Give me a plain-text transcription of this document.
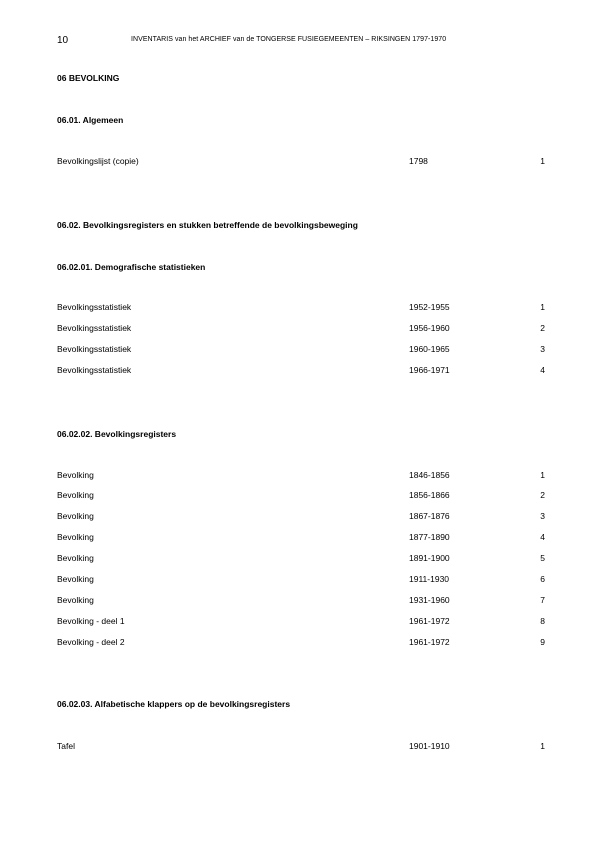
10	INVENTARIS van het ARCHIEF van de TONGERSE FUSIEGEMEENTEN – RIKSINGEN 1797-1970
06 BEVOLKING
06.01. Algemeen
Bevolkingslijst (copie)	1798	1
06.02. Bevolkingsregisters en stukken betreffende de bevolkingsbeweging
06.02.01. Demografische statistieken
Bevolkingsstatistiek	1952-1955	1
Bevolkingsstatistiek	1956-1960	2
Bevolkingsstatistiek	1960-1965	3
Bevolkingsstatistiek	1966-1971	4
06.02.02. Bevolkingsregisters
Bevolking	1846-1856	1
Bevolking	1856-1866	2
Bevolking	1867-1876	3
Bevolking	1877-1890	4
Bevolking	1891-1900	5
Bevolking	1911-1930	6
Bevolking	1931-1960	7
Bevolking - deel 1	1961-1972	8
Bevolking - deel 2	1961-1972	9
06.02.03. Alfabetische klappers op de bevolkingsregisters
Tafel	1901-1910	1
